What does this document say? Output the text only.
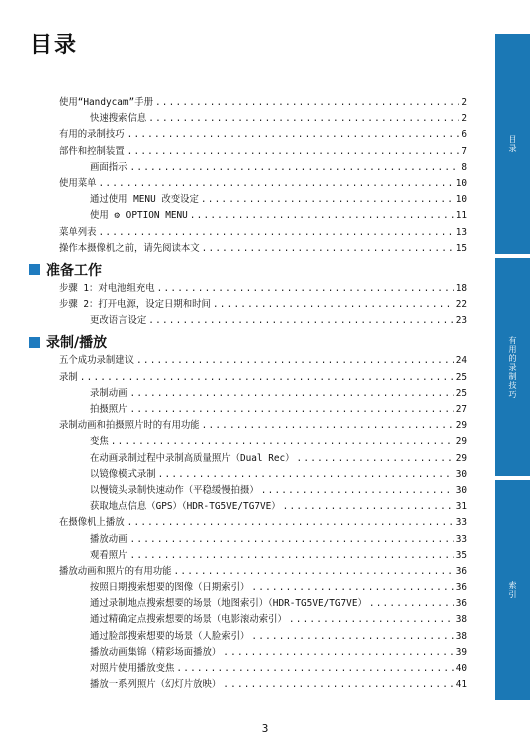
目录
使用“Handycam”手册 .....	2
快速搜索信息 .....	2
有用的录制技巧 .....	6
部件和控制装置 .....	7
画面指示 .....	8
使用菜单 .....	10
通过使用 MENU 改变设定 .....	10
使用 ⚙ OPTION MENU .....	11
菜单列表 .....	13
操作本摄像机之前，请先阅读本文 .....	15
准备工作
步骤 1：对电池组充电 .....	18
步骤 2：打开电源，设定日期和时间 .....	22
更改语言设定 .....	23
录制/播放
五个成功录制建议 .....	24
录制 .....	25
录制动画 .....	25
拍摄照片 .....	27
录制动画和拍摄照片时的有用功能 .....	29
变焦 .....	29
在动画录制过程中录制高质量照片（Dual Rec） .....	29
以镜像模式录制 .....	30
以慢镜头录制快速动作（平稳缓慢拍摄） .....	30
获取地点信息（GPS）（HDR-TG5VE/TG7VE） .....	31
在摄像机上播放 .....	33
播放动画 .....	33
观看照片 .....	35
播放动画和照片的有用功能 .....	36
按照日期搜索想要的图像（日期索引） .....	36
通过录制地点搜索想要的场景（地图索引）（HDR-TG5VE/TG7VE） .....	36
通过精确定点搜索想要的场景（电影滚动索引） .....	38
通过脸部搜索想要的场景（人脸索引） .....	38
播放动画集锦（精彩场面播放） .....	39
对照片使用播放变焦 .....	40
播放一系列照片（幻灯片放映） .....	41
目录
有用的录制技巧
索引
3
